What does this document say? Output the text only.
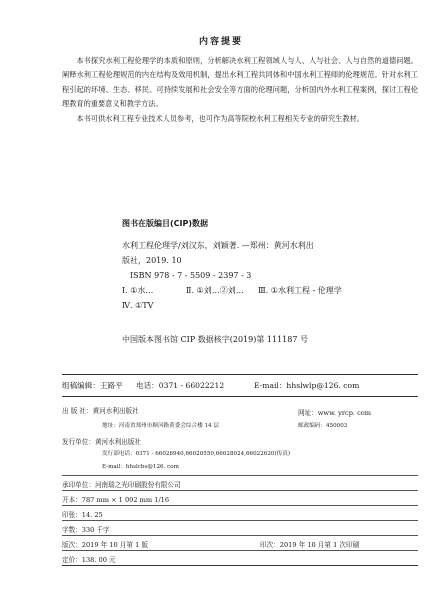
内容提要

本书探究水利工程伦理学的本质和原则，分析解决水利工程领域人与人、人与社会、人与自然的道德问题。阐释水利工程伦理规范的内在结构及效用机制，提出水利工程共同体和中国水利工程师的伦理规范。针对水利工程引起的环境、生态、移民、可持续发展和社会安全等方面的伦理问题，分析国内外水利工程案例，探讨工程伦理教育的重要意义和教学方法。

本书可供水利工程专业技术人员参考，也可作为高等院校水利工程相关专业的研究生教材。

图书在版编目(CIP)数据
水利工程伦理学/刘汉东，刘颖著. —郑州：黄河水利出
版社，2019. 10
ISBN 978 - 7 - 5509 - 2397 - 3
Ⅰ. ①水…	Ⅱ. ①刘…②刘…	Ⅲ. ①水利工程 - 伦理学
Ⅳ. ①TV
中国版本图书馆 CIP 数据核字(2019)第 111187 号
组稿编辑：王路平	电话：0371 - 66022212	E-mail：hhslwlp@126. com
出 版 社：黄河水利出版社	网址：www. yrcp. com
地址：河南省郑州市顺河路黄委会综合楼 14 层	邮政编码：450003
发行单位：黄河水利出版社
发行部电话：0371 - 66026940,66020550,66028024,66022620(传真)
E-mail：hhslcbs@126. com
承印单位：河南瑞之光印刷股份有限公司
开本：787 mm × 1 092 mm 1/16
印张：14. 25
字数：330 千字
版次：2019 年 10 月第 1 版	印次：2019 年 10 月第 1 次印刷
定价：138. 00 元
